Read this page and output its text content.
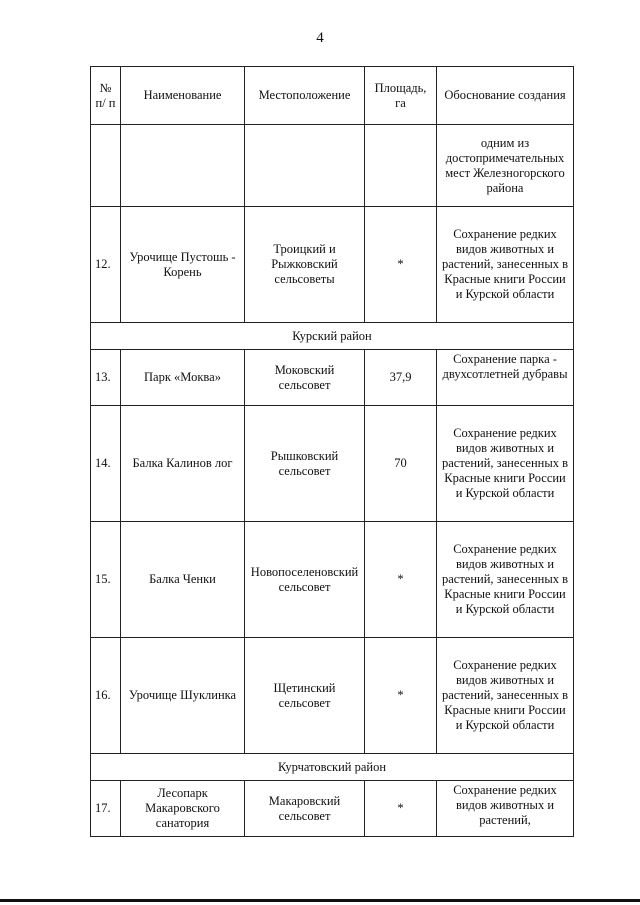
4
№ п/ п	Наименование	Местоположение	Площадь, га	Обоснование создания
				одним из достопримечательных мест Железногорского района
12.	Урочище Пустошь - Корень	Троицкий и Рыжковский сельсоветы	*	Сохранение редких видов животных и растений, занесенных в Красные книги России и Курской области
Курский район				
13.	Парк «Моква»	Моковский сельсовет	37,9	Сохранение парка - двухсотлетней дубравы
14.	Балка Калинов лог	Рышковский сельсовет	70	Сохранение редких видов животных и растений, занесенных в Красные книги России и Курской области
15.	Балка Ченки	Новопоселеновский сельсовет	*	Сохранение редких видов животных и растений, занесенных в Красные книги России и Курской области
16.	Урочище Шуклинка	Щетинский сельсовет	*	Сохранение редких видов животных и растений, занесенных в Красные книги России и Курской области
Курчатовский район				
17.	Лесопарк Макаровского санатория	Макаровский сельсовет	*	Сохранение редких видов животных и растений,
